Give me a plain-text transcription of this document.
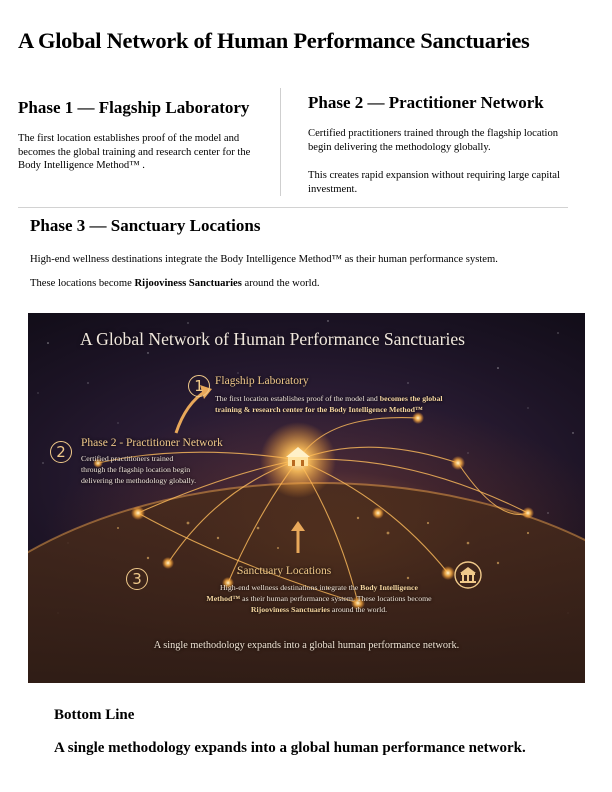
A Global Network of Human Performance Sanctuaries
Phase 1 — Flagship Laboratory

The first location establishes proof of the model and becomes the global training and research center for the Body Intelligence Method™ .

Phase 2 — Practitioner Network

Certified practitioners trained through the flagship location begin delivering the methodology globally.

This creates rapid expansion without requiring large capital investment.

Phase 3 — Sanctuary Locations

High-end wellness destinations integrate the Body Intelligence Method™ as their human performance system.

These locations become Rijooviness Sanctuaries around the world.

A Global Network of Human Performance Sanctuaries
1 Flagship Laboratory
The first location establishes proof of the model and becomes the global
training & research center for the Body Intelligence Method™
2	Phase 2 - Practitioner Network
Certified practitioners trained
through the flagship location begin
delivering the methodology globally.
3	Sanctuary Locations
High-end wellness destinations integrate the Body Intelligence
Method™ as their human performance system. These locations become
Rijooviness Sanctuaries around the world.
A single methodology expands into a global human performance network.
Bottom Line

A single methodology expands into a global human performance network.
